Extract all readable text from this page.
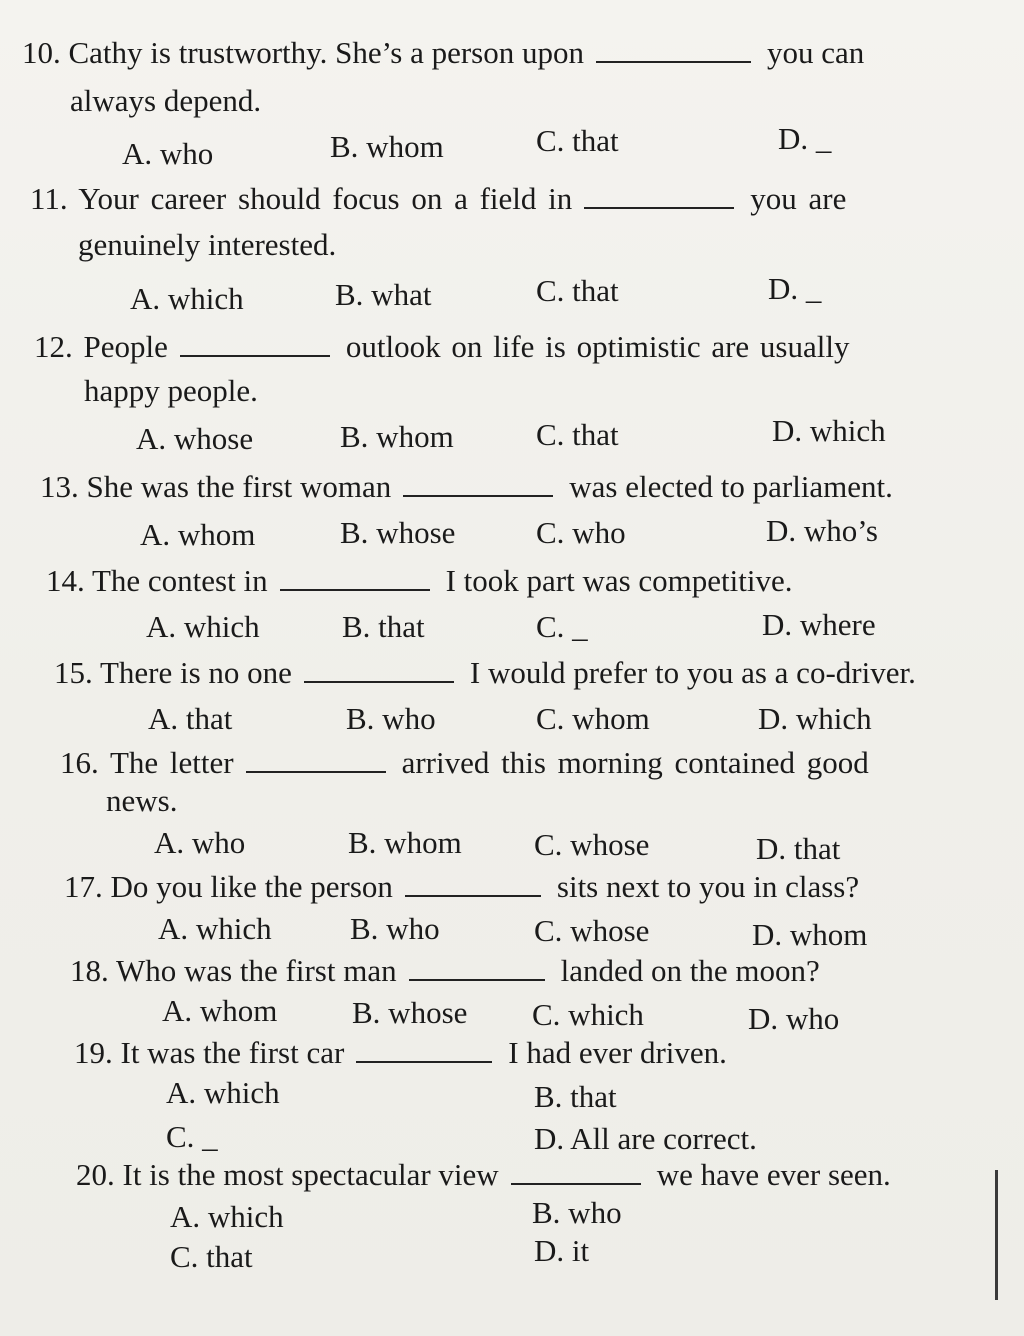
10. Cathy is trustworthy. She’s a person upon	you can
always depend.
A. who	B. whom	C. that	D. _
11. Your career should focus on a field in	you are
genuinely interested.
A. which	B. what	C. that	D. _
12. People	outlook on life is optimistic are usually
happy people.
A. whose	B. whom	C. that	D. which
13. She was the first woman	was elected to parliament.
A. whom	B. whose	C. who	D. who’s
14. The contest in	I took part was competitive.
A. which	B. that	C. _	D. where
15. There is no one	I would prefer to you as a co-driver.
A. that	B. who	C. whom	D. which
16. The letter	arrived this morning contained good
news.
A. who	B. whom C. whose	D. that
17. Do you like the person	sits next to you in class?
A. which	B. who	C. whose	D. whom
18. Who was the first man	landed on the moon?
A. whom B. whose C. which	D. who
19. It was the first car	I had ever driven.
A. which	B. that
C. _	D. All are correct.
20. It is the most spectacular view	we have ever seen.
A. which	B. who
C. that	D. it
